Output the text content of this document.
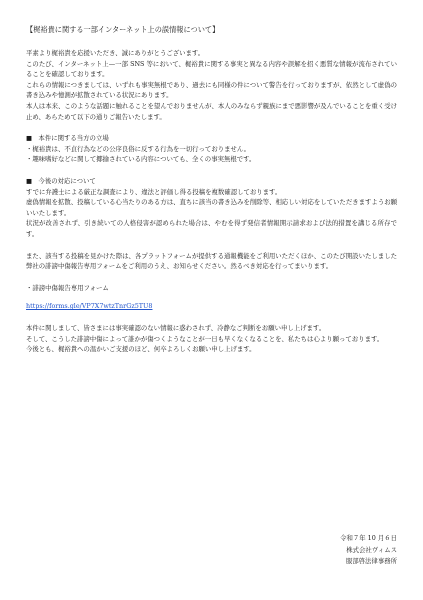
【梶裕貴に関する一部インターネット上の誤情報について】

平素より梶裕貴を応援いただき、誠にありがとうございます。

このたび、インターネット上—一部 SNS 等において、梶裕貴に関する事実と異なる内容や誤解を招く悪質な情報が流布されていることを確認しております。

これらの情報につきましては、いずれも事実無根であり、過去にも同様の件について警告を行っておりますが、依然として虚偽の書き込みや憶測が拡散されている状況にあります。

本人は本来、このような話題に触れることを望んでおりませんが、本人のみならず親族にまで悪影響が及んでいることを重く受け止め、あらためて以下の通りご報告いたします。

■　本件に関する当方の立場

・梶裕貴は、不貞行為などの公序良俗に反する行為を一切行っておりません。

・趣味嗜好などに関して揶揄されている内容についても、全くの事実無根です。

■　今後の対応について

すでに弁護士による厳正な調査により、違法と評価し得る投稿を複数確認しております。

虚偽情報を拡散、投稿している心当たりのある方は、直ちに該当の書き込みを削除等、相応しい対応をしていただきますようお願いいたします。

状況が改善されず、引き続いての人格侵害が認められた場合は、やむを得ず発信者情報開示請求および法的措置を講じる所存です。

また、該当する投稿を見かけた際は、各プラットフォームが提供する通報機能をご利用いただくほか、このたび開設いたしました弊社の誹謗中傷報告専用フォームをご利用のうえ、お知らせください。然るべき対応を行ってまいります。

・誹謗中傷報告専用フォーム

https://forms.gle/VP7X7wtzTnrGz5TU8

本件に関しまして、皆さまには事実確認のない情報に惑わされず、冷静なご判断をお願い申し上げます。

そして、こうした誹謗中傷によって誰かが傷つくようなことが一日も早くなくなることを、私たちは心より願っております。

今後とも、梶裕貴への温かいご支援のほど、何卒よろしくお願い申し上げます。

令和７年 10 月６日
株式会社ヴィムス
服部啓法律事務所
